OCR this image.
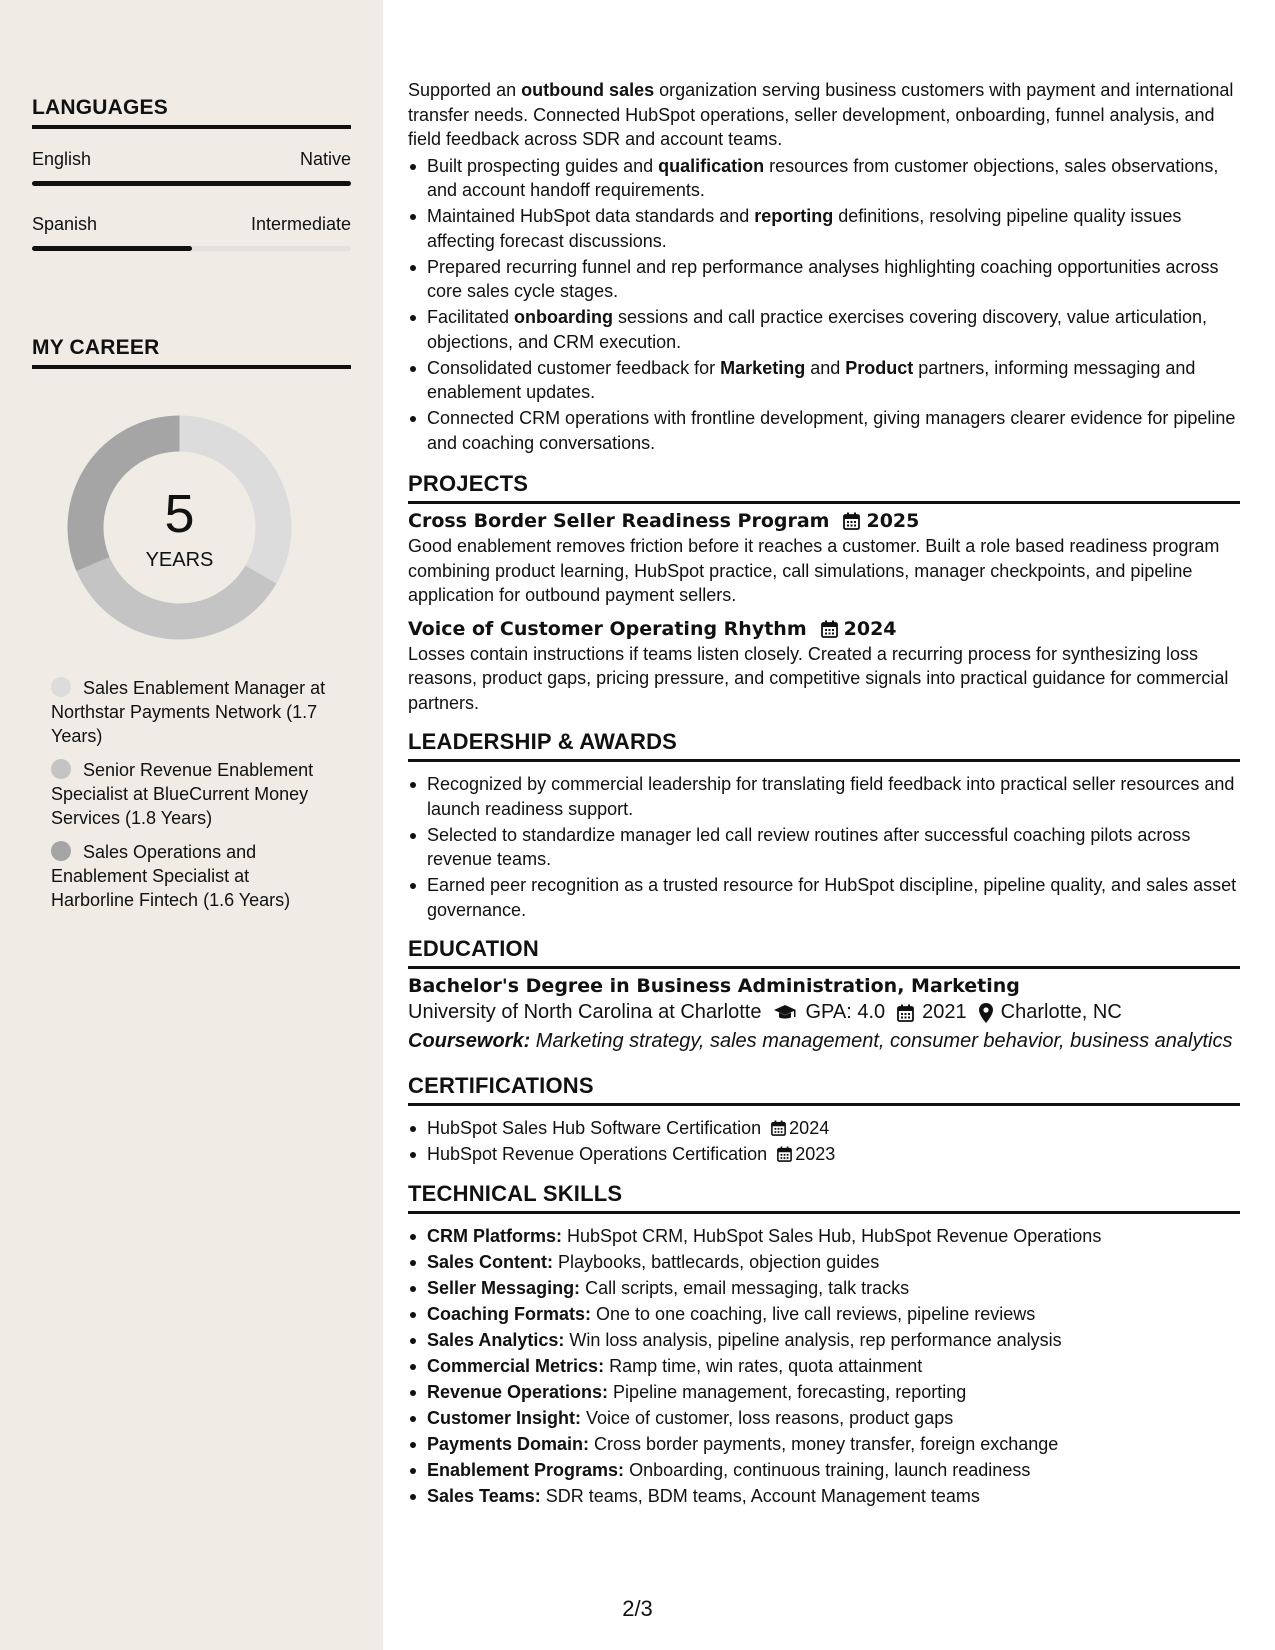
LANGUAGES
English	Native
Spanish	Intermediate
MY CAREER
5
YEARS
Sales Enablement Manager at Northstar Payments Network (1.7 Years)
Senior Revenue Enablement Specialist at BlueCurrent Money Services (1.8 Years)
Sales Operations and Enablement Specialist at Harborline Fintech (1.6 Years)

Supported an outbound sales organization serving business customers with payment and international transfer needs. Connected HubSpot operations, seller development, onboarding, funnel analysis, and field feedback across SDR and account teams.

Built prospecting guides and qualification resources from customer objections, sales observations, and account handoff requirements.
Maintained HubSpot data standards and reporting definitions, resolving pipeline quality issues affecting forecast discussions.
Prepared recurring funnel and rep performance analyses highlighting coaching opportunities across core sales cycle stages.
Facilitated onboarding sessions and call practice exercises covering discovery, value articulation, objections, and CRM execution.
Consolidated customer feedback for Marketing and Product partners, informing messaging and enablement updates.
Connected CRM operations with frontline development, giving managers clearer evidence for pipeline and coaching conversations.
PROJECTS
Cross Border Seller Readiness Program 2025

Good enablement removes friction before it reaches a customer. Built a role based readiness program combining product learning, HubSpot practice, call simulations, manager checkpoints, and pipeline application for outbound payment sellers.

Voice of Customer Operating Rhythm 2024

Losses contain instructions if teams listen closely. Created a recurring process for synthesizing loss reasons, product gaps, pricing pressure, and competitive signals into practical guidance for commercial partners.

LEADERSHIP & AWARDS
Recognized by commercial leadership for translating field feedback into practical seller resources and launch readiness support.
Selected to standardize manager led call review routines after successful coaching pilots across revenue teams.
Earned peer recognition as a trusted resource for HubSpot discipline, pipeline quality, and sales asset governance.
EDUCATION
Bachelor's Degree in Business Administration, Marketing
University of North Carolina at Charlotte GPA: 4.0 2021 Charlotte, NC
Coursework: Marketing strategy, sales management, consumer behavior, business analytics
CERTIFICATIONS
HubSpot Sales Hub Software Certification 2024
HubSpot Revenue Operations Certification 2023
TECHNICAL SKILLS
CRM Platforms: HubSpot CRM, HubSpot Sales Hub, HubSpot Revenue Operations
Sales Content: Playbooks, battlecards, objection guides
Seller Messaging: Call scripts, email messaging, talk tracks
Coaching Formats: One to one coaching, live call reviews, pipeline reviews
Sales Analytics: Win loss analysis, pipeline analysis, rep performance analysis
Commercial Metrics: Ramp time, win rates, quota attainment
Revenue Operations: Pipeline management, forecasting, reporting
Customer Insight: Voice of customer, loss reasons, product gaps
Payments Domain: Cross border payments, money transfer, foreign exchange
Enablement Programs: Onboarding, continuous training, launch readiness
Sales Teams: SDR teams, BDM teams, Account Management teams
2/3
